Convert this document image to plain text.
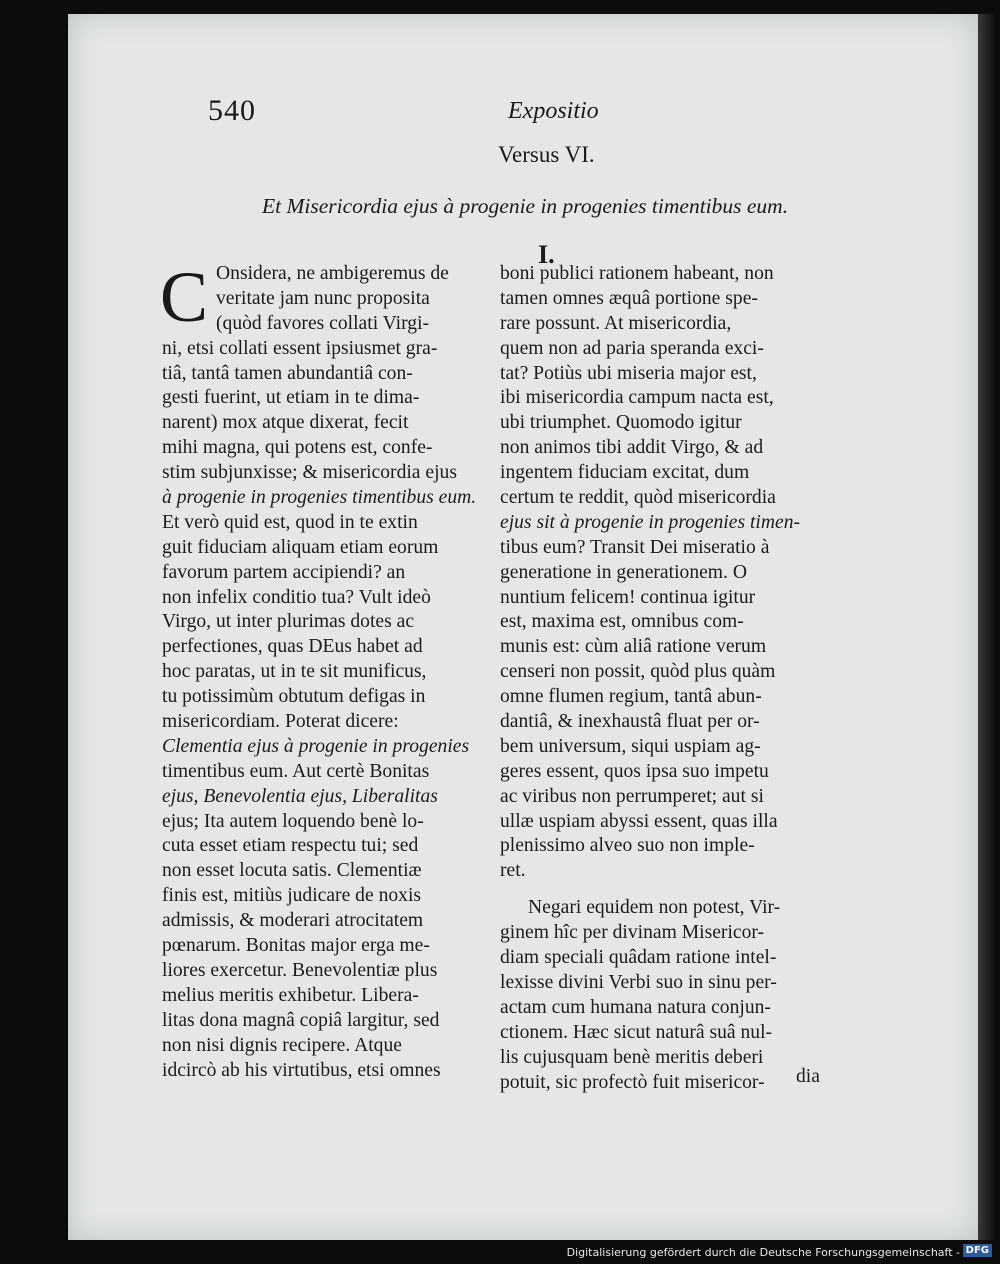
540	Expositio
Versus VI.
Et Misericordia ejus à progenie in progenies timentibus eum.
I.
C Onsidera, ne ambigeremus de
veritate jam nunc proposita
(quòd favores collati Virgi-
ni, etsi collati essent ipsiusmet gra-
tiâ, tantâ tamen abundantiâ con-
gesti fuerint, ut etiam in te dima-
narent) mox atque dixerat, fecit
mihi magna, qui potens est, confe-
stim subjunxisse; & misericordia ejus
à progenie in progenies timentibus eum.
Et verò quid est, quod in te extin
guit fiduciam aliquam etiam eorum
favorum partem accipiendi? an
non infelix conditio tua? Vult ideò
Virgo, ut inter plurimas dotes ac
perfectiones, quas DEus habet ad
hoc paratas, ut in te sit munificus,
tu potissimùm obtutum defigas in
misericordiam. Poterat dicere:
Clementia ejus à progenie in progenies
timentibus eum. Aut certè Bonitas
ejus, Benevolentia ejus, Liberalitas
ejus; Ita autem loquendo benè lo-
cuta esset etiam respectu tui; sed
non esset locuta satis. Clementiæ
finis est, mitiùs judicare de noxis
admissis, & moderari atrocitatem
pœnarum. Bonitas major erga me-
liores exercetur. Benevolentiæ plus
melius meritis exhibetur. Libera-
litas dona magnâ copiâ largitur, sed
non nisi dignis recipere. Atque
idcircò ab his virtutibus, etsi omnes
boni publici rationem habeant, non
tamen omnes æquâ portione spe-
rare possunt. At misericordia,
quem non ad paria speranda exci-
tat? Potiùs ubi miseria major est,
ibi misericordia campum nacta est,
ubi triumphet. Quomodo igitur
non animos tibi addit Virgo, & ad
ingentem fiduciam excitat, dum
certum te reddit, quòd misericordia
ejus sit à progenie in progenies timen-
tibus eum? Transit Dei miseratio à
generatione in generationem. O
nuntium felicem! continua igitur
est, maxima est, omnibus com-
munis est: cùm aliâ ratione verum
censeri non possit, quòd plus quàm
omne flumen regium, tantâ abun-
dantiâ, & inexhaustâ fluat per or-
bem universum, siqui uspiam ag-
geres essent, quos ipsa suo impetu
ac viribus non perrumperet; aut si
ullæ uspiam abyssi essent, quas illa
plenissimo alveo suo non imple-
ret.
Negari equidem non potest, Vir-
ginem hîc per divinam Misericor-
diam speciali quâdam ratione intel-
lexisse divini Verbi suo in sinu per-
actam cum humana natura conjun-
ctionem. Hæc sicut naturâ suâ nul-
lis cujusquam benè meritis deberi
potuit, sic profectò fuit misericor-	dia
Digitalisierung gefördert durch die Deutsche Forschungsgemeinschaft - DFG
